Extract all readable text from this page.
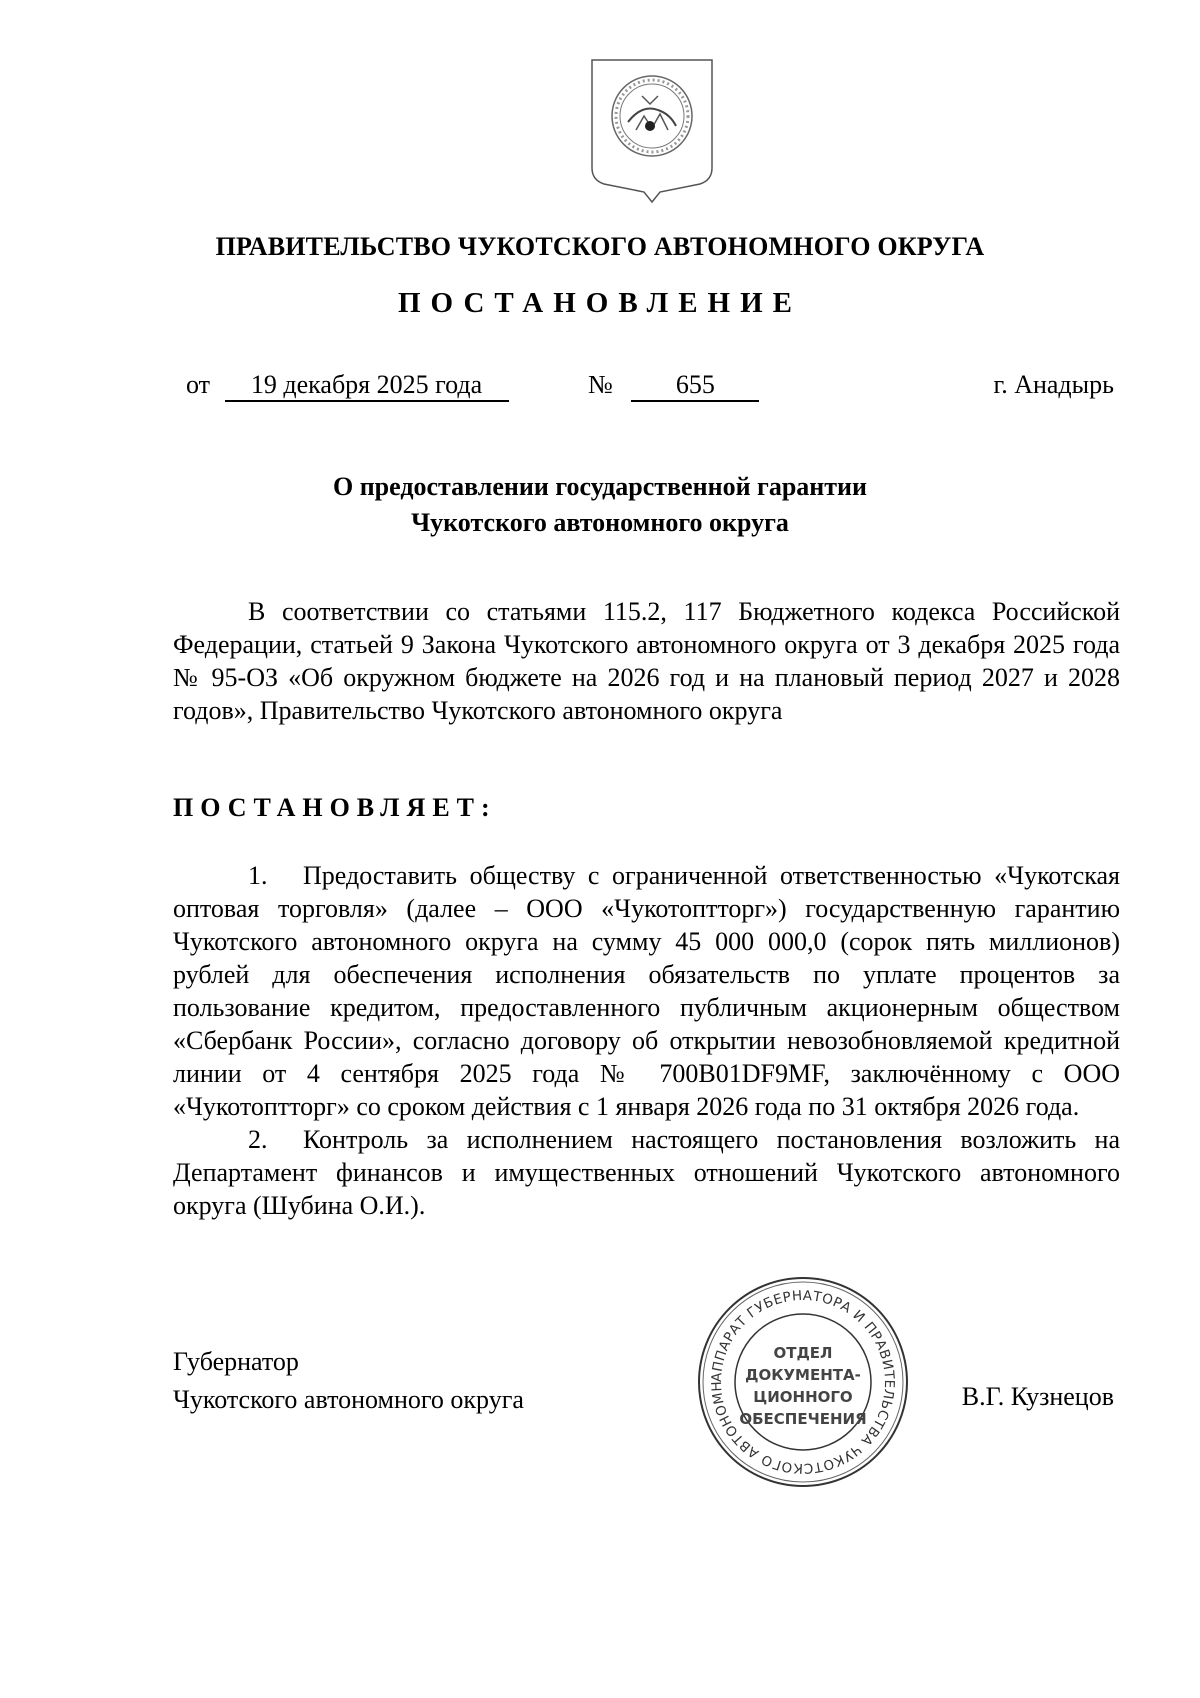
ПРАВИТЕЛЬСТВО ЧУКОТСКОГО АВТОНОМНОГО ОКРУГА
ПОСТАНОВЛЕНИЕ
от 19 декабря 2025 года	№ 655	г. Анадырь
О предоставлении государственной гарантии
Чукотского автономного округа

В соответствии со статьями 115.2, 117 Бюджетного кодекса Российской Федерации, статьей 9 Закона Чукотского автономного округа от 3 декабря 2025 года № 95-ОЗ «Об окружном бюджете на 2026 год и на плановый период 2027 и 2028 годов», Правительство Чукотского автономного округа

ПОСТАНОВЛЯЕТ:

1. Предоставить обществу с ограниченной ответственностью «Чукотская оптовая торговля» (далее – ООО «Чукотоптторг») государственную гарантию Чукотского автономного округа на сумму 45 000 000,0 (сорок пять миллионов) рублей для обеспечения исполнения обязательств по уплате процентов за пользование кредитом, предоставленного публичным акционерным обществом «Сбербанк России», согласно договору об открытии невозобновляемой кредитной линии от 4 сентября 2025 года № 700B01DF9MF, заключённому с ООО «Чукотоптторг» со сроком действия с 1 января 2026 года по 31 октября 2026 года.

2. Контроль за исполнением настоящего постановления возложить на Департамент финансов и имущественных отношений Чукотского автономного округа (Шубина О.И.).

Губернатор
Чукотского автономного округа	В.Г. Кузнецов
АППАРАТ ГУБЕРНАТОРА И ПРАВИТЕЛЬСТВА ЧУКОТСКОГО АВТОНОМН
ОТДЕЛ
ДОКУМЕНТА-
ЦИОННОГО
ОБЕСПЕЧЕНИЯ
